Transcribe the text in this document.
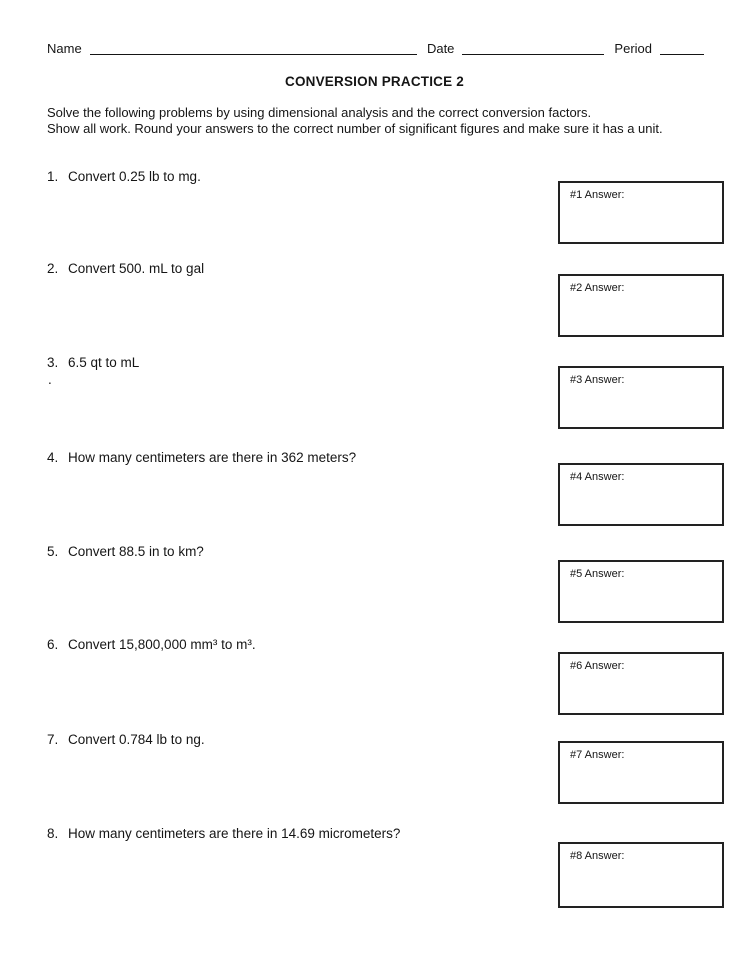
Name	Date	Period
CONVERSION PRACTICE 2
Solve the following problems by using dimensional analysis and the correct conversion factors.
Show all work. Round your answers to the correct number of significant figures and make sure it has a unit.
1. Convert 0.25 lb to mg.
2. Convert 500. mL to gal
3. 6.5 qt to mL
.
4. How many centimeters are there in 362 meters?
5. Convert 88.5 in to km?
6. Convert 15,800,000 mm³ to m³.
7. Convert 0.784 lb to ng.
8. How many centimeters are there in 14.69 micrometers?
#1 Answer:
#2 Answer:
#3 Answer:
#4 Answer:
#5 Answer:
#6 Answer:
#7 Answer:
#8 Answer:
